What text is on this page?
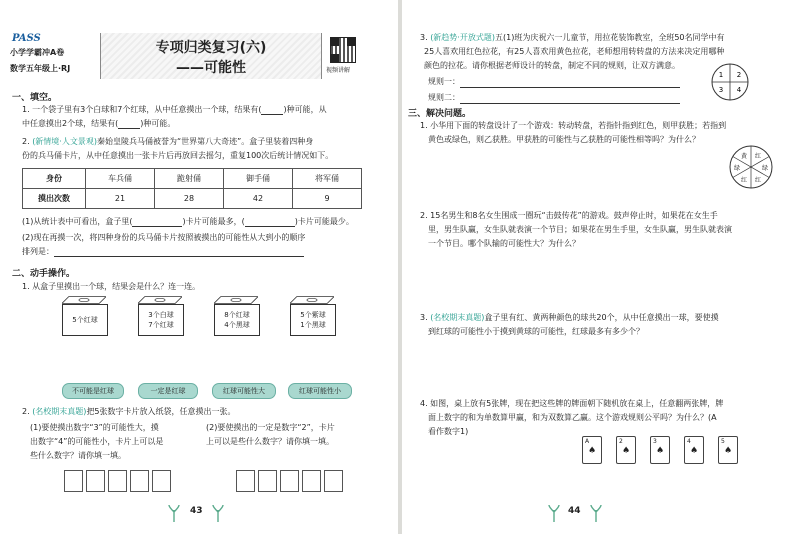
PASS
小学学霸冲A卷
数学五年级上·RJ
专项归类复习(六)
——可能性	视频讲解
一、填空。
1. 一个袋子里有3个白球和7个红球，从中任意摸出一个球，结果有(	)种可能，从
中任意摸出2个球，结果有(	)种可能。
2. (新情境·人文景观)秦始皇陵兵马俑被誉为“世界第八大奇迹”。盒子里装着四种身
份的兵马俑卡片，从中任意摸出一张卡片后再放回去摇匀，重复100次后统计情况如下。
身份	车兵俑	跪射俑	御手俑	将军俑
摸出次数	21	28	42	9
(1)从统计表中可看出，盒子里(	)卡片可能最多，(	)卡片可能最少。
(2)现在再摸一次，将四种身份的兵马俑卡片按照被摸出的可能性从大到小的顺序
排列是：
二、动手操作。
1. 从盒子里摸出一个球，结果会是什么？连一连。
5个红球
3个白球
7个红球
8个红球
4个黑球
5个紫球
1个黑球
不可能是红球	一定是红球	红球可能性大	红球可能性小
2. (名校期末真题)把5张数字卡片放入纸袋，任意摸出一张。
(1)要使摸出数字“3”的可能性大，摸
出数字“4”的可能性小，卡片上可以是
些什么数字？请你填一填。
(2)要使摸出的一定是数字“2”，卡片
上可以是些什么数字？请你填一填。
43
3. (新趋势·开放式题)五(1)班为庆祝六一儿童节，用拉花装饰教室，全班50名同学中有
25人喜欢用红色拉花，有25人喜欢用黄色拉花，老师想用转转盘的方法来决定用哪种
颜色的拉花。请你根据老师设计的转盘，制定不同的规则，让双方满意。
规则一：
规则二：
1 2
3 4
三、解决问题。
1. 小华用下面的转盘设计了一个游戏：转动转盘，若指针指到红色，则甲获胜；若指到
黄色或绿色，则乙获胜。甲获胜的可能性与乙获胜的可能性相等吗？为什么？
红
绿
红
红
绿
黄
2. 15名男生和8名女生围成一圈玩“击鼓传花”的游戏。鼓声停止时，如果花在女生手
里，男生队赢，女生队就表演一个节目；如果花在男生手里，女生队赢，男生队就表演
一个节目。哪个队输的可能性大？为什么？
3. (名校期末真题)盒子里有红、黄两种颜色的球共20个，从中任意摸出一球，要使摸
到红球的可能性小于摸到黄球的可能性，红球最多有多少个？
4. 如图，桌上放有5张牌，现在把这些牌的牌面朝下随机放在桌上，任意翻两张牌，牌
面上数字的和为单数算甲赢，和为双数算乙赢。这个游戏规则公平吗？为什么？(A
看作数字1)
A
♠
2
♠
3
♠
4
♠
5
♠
44
